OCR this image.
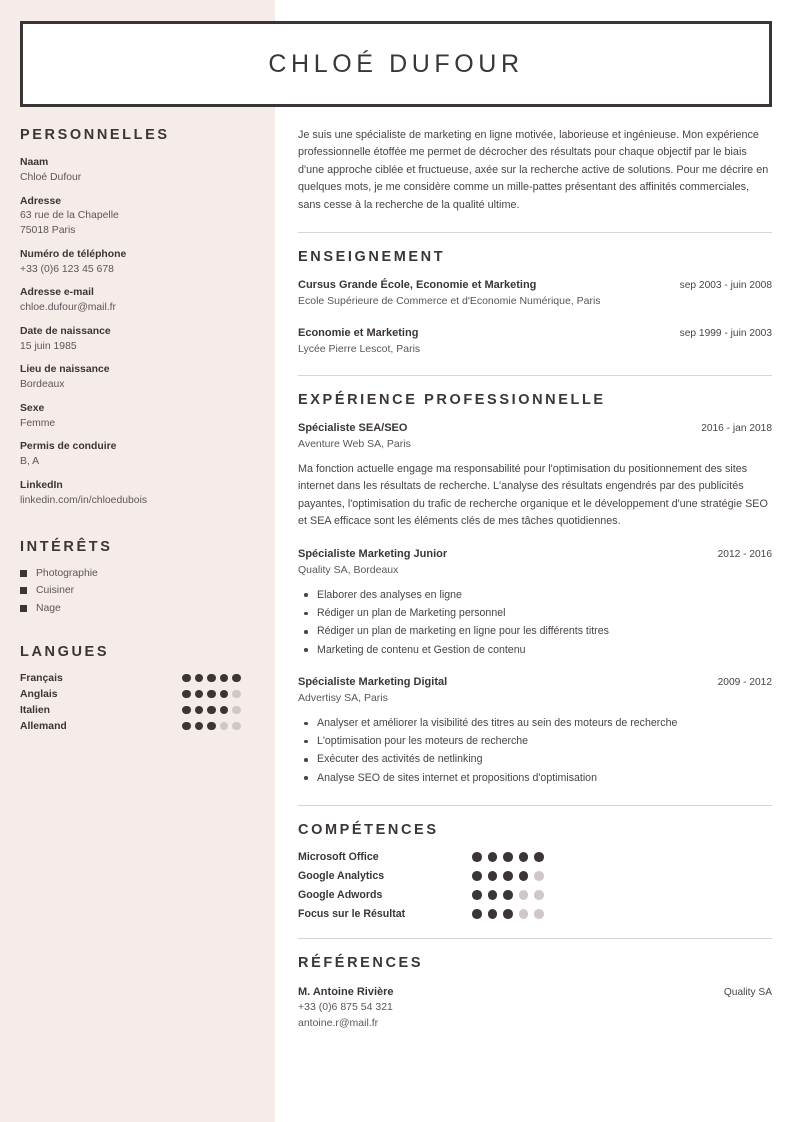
CHLOÉ DUFOUR
PERSONNELLES
Naam
Chloé Dufour
Adresse
63 rue de la Chapelle
75018 Paris
Numéro de téléphone
+33 (0)6 123 45 678
Adresse e-mail
chloe.dufour@mail.fr
Date de naissance
15 juin 1985
Lieu de naissance
Bordeaux
Sexe
Femme
Permis de conduire
B, A
LinkedIn
linkedin.com/in/chloedubois
INTÉRÊTS
Photographie
Cuisiner
Nage
LANGUES
Français
Anglais
Italien
Allemand

Je suis une spécialiste de marketing en ligne motivée, laborieuse et ingénieuse. Mon expérience professionnelle étoffée me permet de décrocher des résultats pour chaque objectif par le biais d'une approche ciblée et fructueuse, axée sur la recherche active de solutions. Pour me décrire en quelques mots, je me considère comme un mille-pattes présentant des affinités commerciales, sans cesse à la recherche de la qualité ultime.

ENSEIGNEMENT
Cursus Grande École, Economie et Marketing	sep 2003 - juin 2008
Ecole Supérieure de Commerce et d'Economie Numérique, Paris
Economie et Marketing	sep 1999 - juin 2003
Lycée Pierre Lescot, Paris
EXPÉRIENCE PROFESSIONNELLE
Spécialiste SEA/SEO	2016 - jan 2018
Aventure Web SA, Paris

Ma fonction actuelle engage ma responsabilité pour l'optimisation du positionnement des sites internet dans les résultats de recherche. L'analyse des résultats engendrés par des publicités payantes, l'optimisation du trafic de recherche organique et le développement d'une stratégie SEO et SEA efficace sont les éléments clés de mes tâches quotidiennes.

Spécialiste Marketing Junior	2012 - 2016
Quality SA, Bordeaux
Elaborer des analyses en ligne
Rédiger un plan de Marketing personnel
Rédiger un plan de marketing en ligne pour les différents titres
Marketing de contenu et Gestion de contenu
Spécialiste Marketing Digital	2009 - 2012
Advertisy SA, Paris
Analyser et améliorer la visibilité des titres au sein des moteurs de recherche
L'optimisation pour les moteurs de recherche
Exécuter des activités de netlinking
Analyse SEO de sites internet et propositions d'optimisation
COMPÉTENCES
Microsoft Office
Google Analytics
Google Adwords
Focus sur le Résultat
RÉFÉRENCES
M. Antoine Rivière	Quality SA
+33 (0)6 875 54 321
antoine.r@mail.fr
